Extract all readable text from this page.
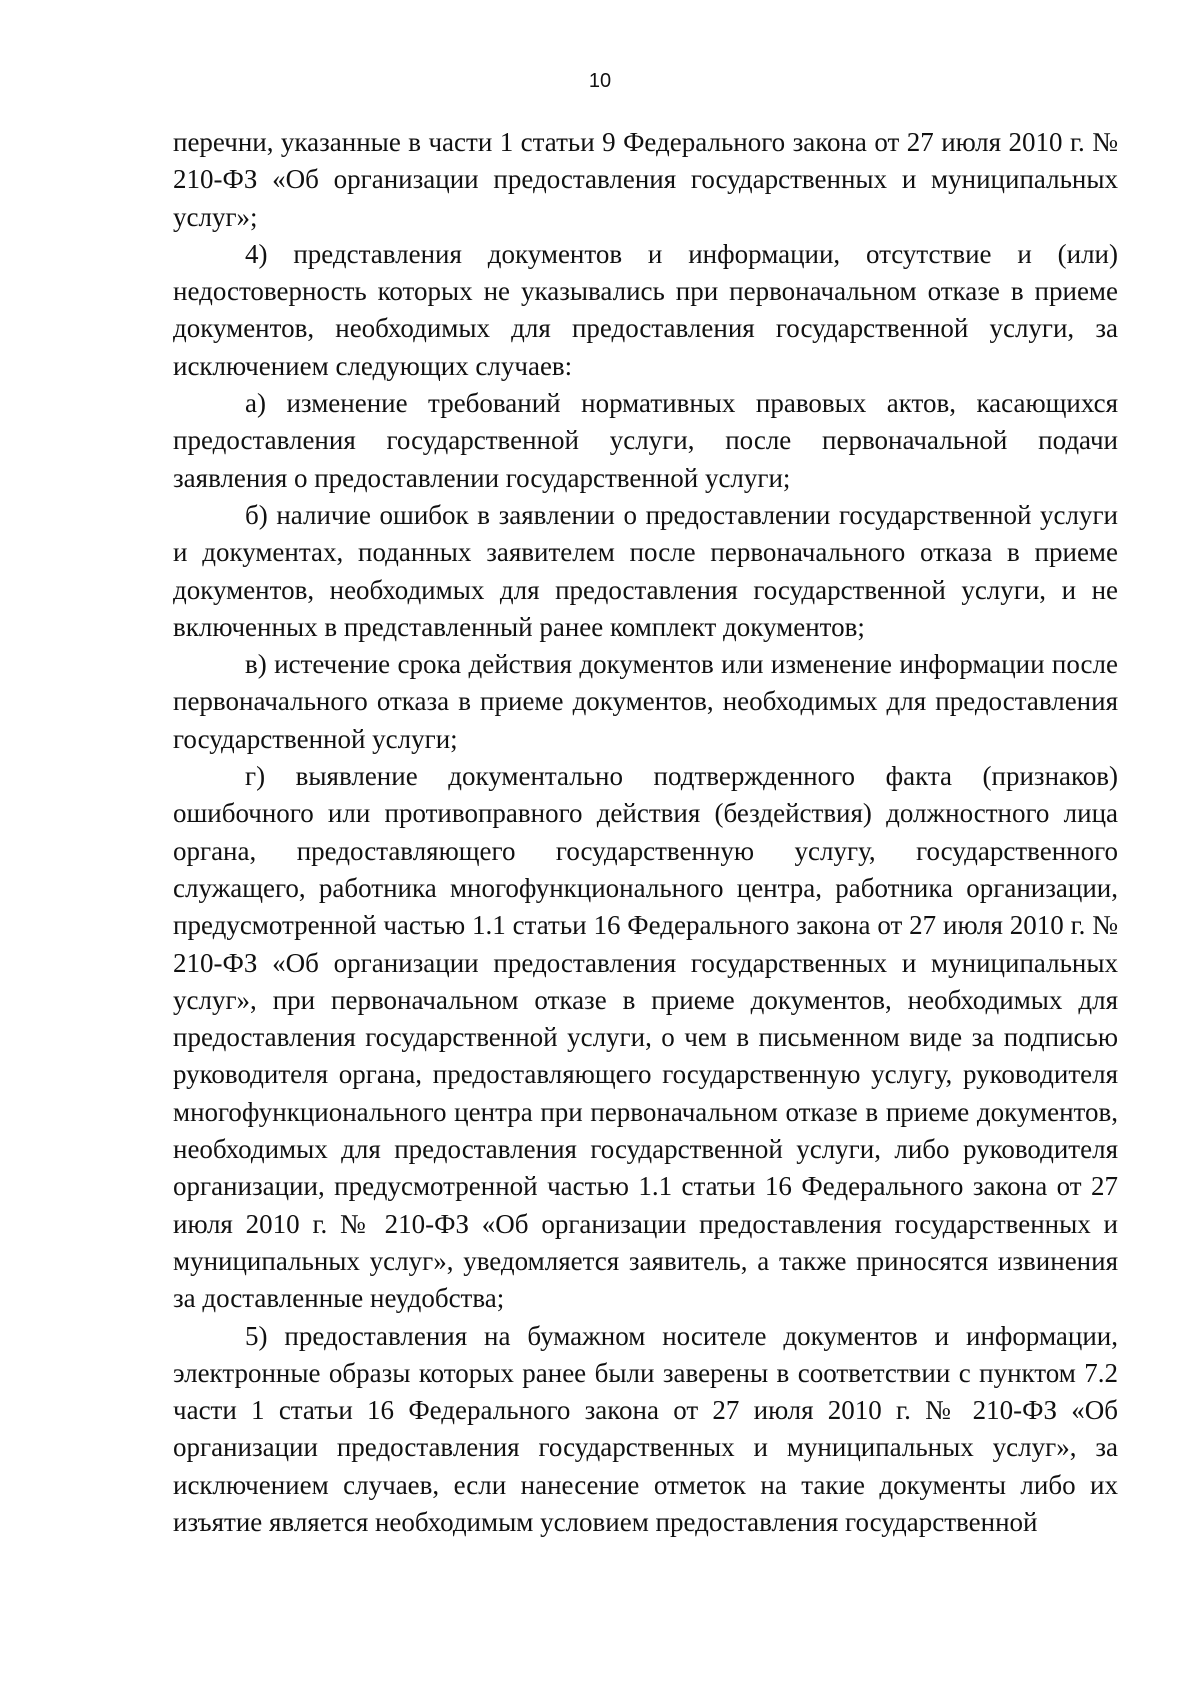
10

перечни, указанные в части 1 статьи 9 Федерального закона от 27 июля 2010 г. № 210-ФЗ «Об организации предоставления государственных и муниципальных услуг»;

4) представления документов и информации, отсутствие и (или) недостоверность которых не указывались при первоначальном отказе в приеме документов, необходимых для предоставления государственной услуги, за исключением следующих случаев:

а) изменение требований нормативных правовых актов, касающихся предоставления государственной услуги, после первоначальной подачи заявления о предоставлении государственной услуги;

б) наличие ошибок в заявлении о предоставлении государственной услуги и документах, поданных заявителем после первоначального отказа в приеме документов, необходимых для предоставления государственной услуги, и не включенных в представленный ранее комплект документов;

в) истечение срока действия документов или изменение информации после первоначального отказа в приеме документов, необходимых для предоставления государственной услуги;

г) выявление документально подтвержденного факта (признаков) ошибочного или противоправного действия (бездействия) должностного лица органа, предоставляющего государственную услугу, государственного служащего, работника многофункционального центра, работника организации, предусмотренной частью 1.1 статьи 16 Федерального закона от 27 июля 2010 г. № 210-ФЗ «Об организации предоставления государственных и муниципальных услуг», при первоначальном отказе в приеме документов, необходимых для предоставления государственной услуги, о чем в письменном виде за подписью руководителя органа, предоставляющего государственную услугу, руководителя многофункционального центра при первоначальном отказе в приеме документов, необходимых для предоставления государственной услуги, либо руководителя организации, предусмотренной частью 1.1 статьи 16 Федерального закона от 27 июля 2010 г. № 210-ФЗ «Об организации предоставления государственных и муниципальных услуг», уведомляется заявитель, а также приносятся извинения за доставленные неудобства;

5) предоставления на бумажном носителе документов и информации, электронные образы которых ранее были заверены в соответствии с пунктом 7.2 части 1 статьи 16 Федерального закона от 27 июля 2010 г. № 210-ФЗ «Об организации предоставления государственных и муниципальных услуг», за исключением случаев, если нанесение отметок на такие документы либо их изъятие является необходимым условием предоставления государственной
